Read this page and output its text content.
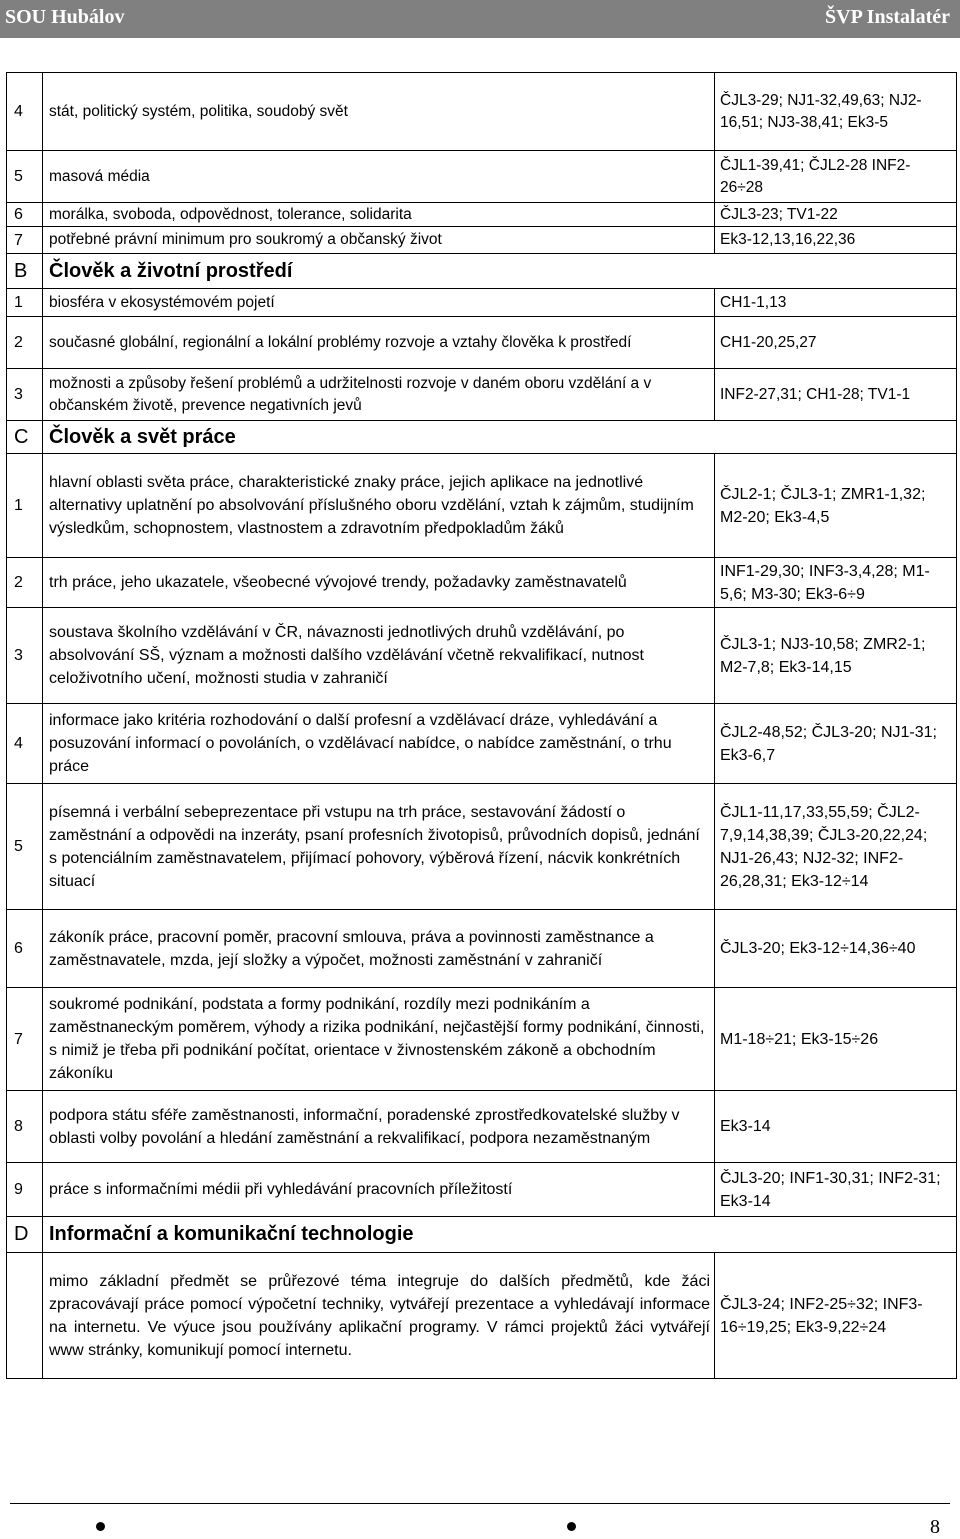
SOU Hubálov	ŠVP Instalatér
4	stát, politický systém, politika, soudobý svět	ČJL3-29; NJ1-32,49,63; NJ2-16,51; NJ3-38,41; Ek3-5
5	masová média	ČJL1-39,41; ČJL2-28 INF2-26÷28
6	morálka, svoboda, odpovědnost, tolerance, solidarita	ČJL3-23; TV1-22
7	potřebné právní minimum pro soukromý a občanský život	Ek3-12,13,16,22,36
B	Člověk a životní prostředí	
1	biosféra v ekosystémovém pojetí	CH1-1,13
2	současné globální, regionální a lokální problémy rozvoje a vztahy člověka k prostředí	CH1-20,25,27
3	možnosti a způsoby řešení problémů a udržitelnosti rozvoje v daném oboru vzdělání a v občanském životě, prevence negativních jevů	INF2-27,31; CH1-28; TV1-1
C	Člověk a svět práce	
1	hlavní oblasti světa práce, charakteristické znaky práce, jejich aplikace na jednotlivé alternativy uplatnění po absolvování příslušného oboru vzdělání, vztah k zájmům, studijním výsledkům, schopnostem, vlastnostem a zdravotním předpokladům žáků	ČJL2-1; ČJL3-1; ZMR1-1,32; M2-20; Ek3-4,5
2	trh práce, jeho ukazatele, všeobecné vývojové trendy, požadavky zaměstnavatelů	INF1-29,30; INF3-3,4,28; M1-5,6; M3-30; Ek3-6÷9
3	soustava školního vzdělávání v ČR, návaznosti jednotlivých druhů vzdělávání, po absolvování SŠ, význam a možnosti dalšího vzdělávání včetně rekvalifikací, nutnost celoživotního učení, možnosti studia v zahraničí	ČJL3-1; NJ3-10,58; ZMR2-1; M2-7,8; Ek3-14,15
4	informace jako kritéria rozhodování o další profesní a vzdělávací dráze, vyhledávání a posuzování informací o povoláních, o vzdělávací nabídce, o nabídce zaměstnání, o trhu práce	ČJL2-48,52; ČJL3-20; NJ1-31; Ek3-6,7
5	písemná i verbální sebeprezentace při vstupu na trh práce, sestavování žádostí o zaměstnání a odpovědi na inzeráty, psaní profesních životopisů, průvodních dopisů, jednání s potenciálním zaměstnavatelem, přijímací pohovory, výběrová řízení, nácvik konkrétních situací	ČJL1-11,17,33,55,59; ČJL2-7,9,14,38,39; ČJL3-20,22,24; NJ1-26,43; NJ2-32; INF2-26,28,31; Ek3-12÷14
6	zákoník práce, pracovní poměr, pracovní smlouva, práva a povinnosti zaměstnance a zaměstnavatele, mzda, její složky a výpočet, možnosti zaměstnání v zahraničí	ČJL3-20; Ek3-12÷14,36÷40
7	soukromé podnikání, podstata a formy podnikání, rozdíly mezi podnikáním a zaměstnaneckým poměrem, výhody a rizika podnikání, nejčastější formy podnikání, činnosti, s nimiž je třeba při podnikání počítat, orientace v živnostenském zákoně a obchodním zákoníku	M1-18÷21; Ek3-15÷26
8	podpora státu sféře zaměstnanosti, informační, poradenské zprostředkovatelské služby v oblasti volby povolání a hledání zaměstnání a rekvalifikací, podpora nezaměstnaným	Ek3-14
9	práce s informačními médii při vyhledávání pracovních příležitostí	ČJL3-20; INF1-30,31; INF2-31; Ek3-14
D	Informační a komunikační technologie	
	mimo základní předmět se průřezové téma integruje do dalších předmětů, kde žáci zpracovávají práce pomocí výpočetní techniky, vytvářejí prezentace a vyhledávají informace na internetu. Ve výuce jsou používány aplikační programy. V rámci projektů žáci vytvářejí www stránky, komunikují pomocí internetu.	ČJL3-24; INF2-25÷32; INF3-16÷19,25; Ek3-9,22÷24
8
